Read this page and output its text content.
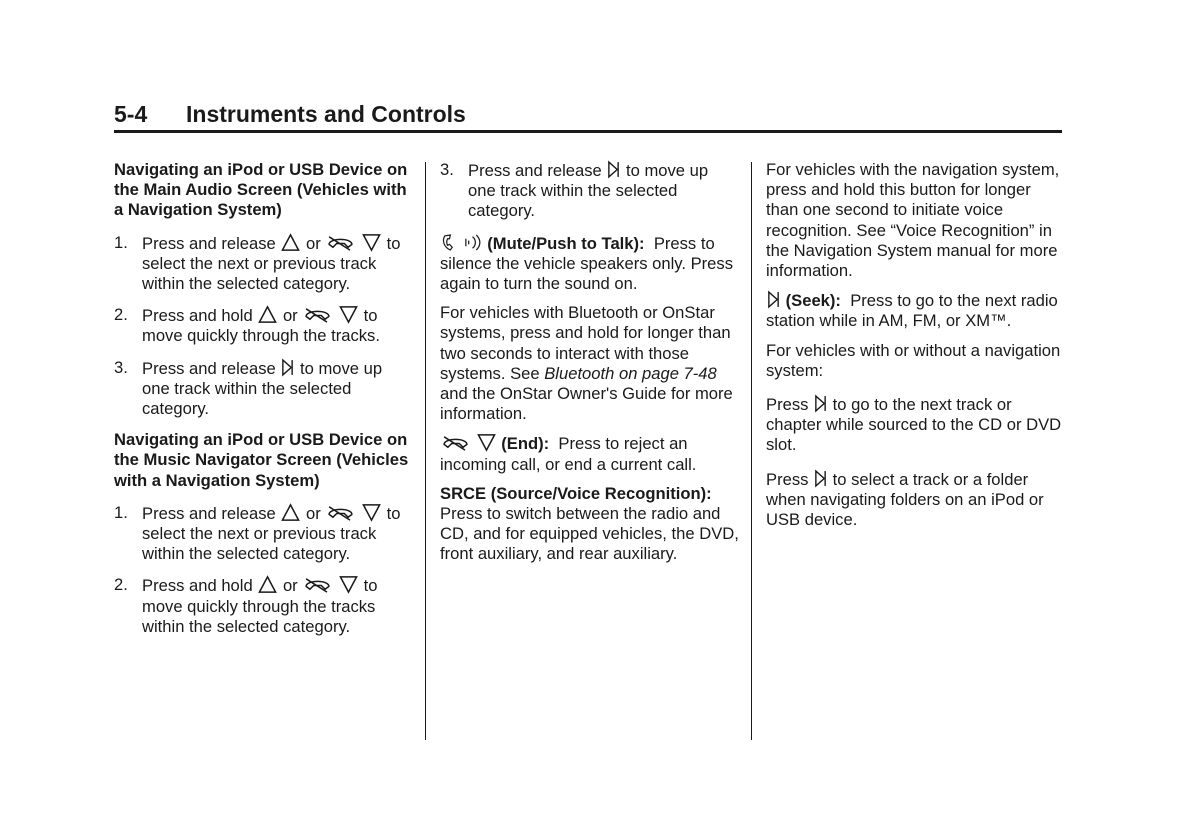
5-4 Instruments and Controls
Navigating an iPod or USB Device on the Main Audio Screen (Vehicles with a Navigation System)
1. Press and release or
	to select the next or previous track within the selected category.
2. Press and hold or
	to move quickly through the tracks.
3. Press and release to move up one track within the selected category.
Navigating an iPod or USB Device on the Music Navigator Screen (Vehicles with a Navigation System)
1. Press and release or
	to select the next or previous track within the selected category.
2. Press and hold or
	to move quickly through the tracks within the selected category.
3. Press and release to move up one track within the selected category.

(Mute/Push to Talk): Press to silence the vehicle speakers only. Press again to turn the sound on.

For vehicles with Bluetooth or OnStar systems, press and hold for longer than two seconds to interact with those systems. See Bluetooth on page 7-48 and the OnStar Owner's Guide for more information.

(End): Press to reject an incoming call, or end a current call.

SRCE (Source/Voice Recognition):  Press to switch between the radio and CD, and for equipped vehicles, the DVD, front auxiliary, and rear auxiliary.

For vehicles with the navigation system, press and hold this button for longer than one second to initiate voice recognition. See “Voice Recognition” in the Navigation System manual for more information.

(Seek): Press to go to the next radio station while in AM, FM, or XM™.

For vehicles with or without a navigation system:

Press to go to the next track or chapter while sourced to the CD or DVD slot.

Press to select a track or a folder when navigating folders on an iPod or USB device.
